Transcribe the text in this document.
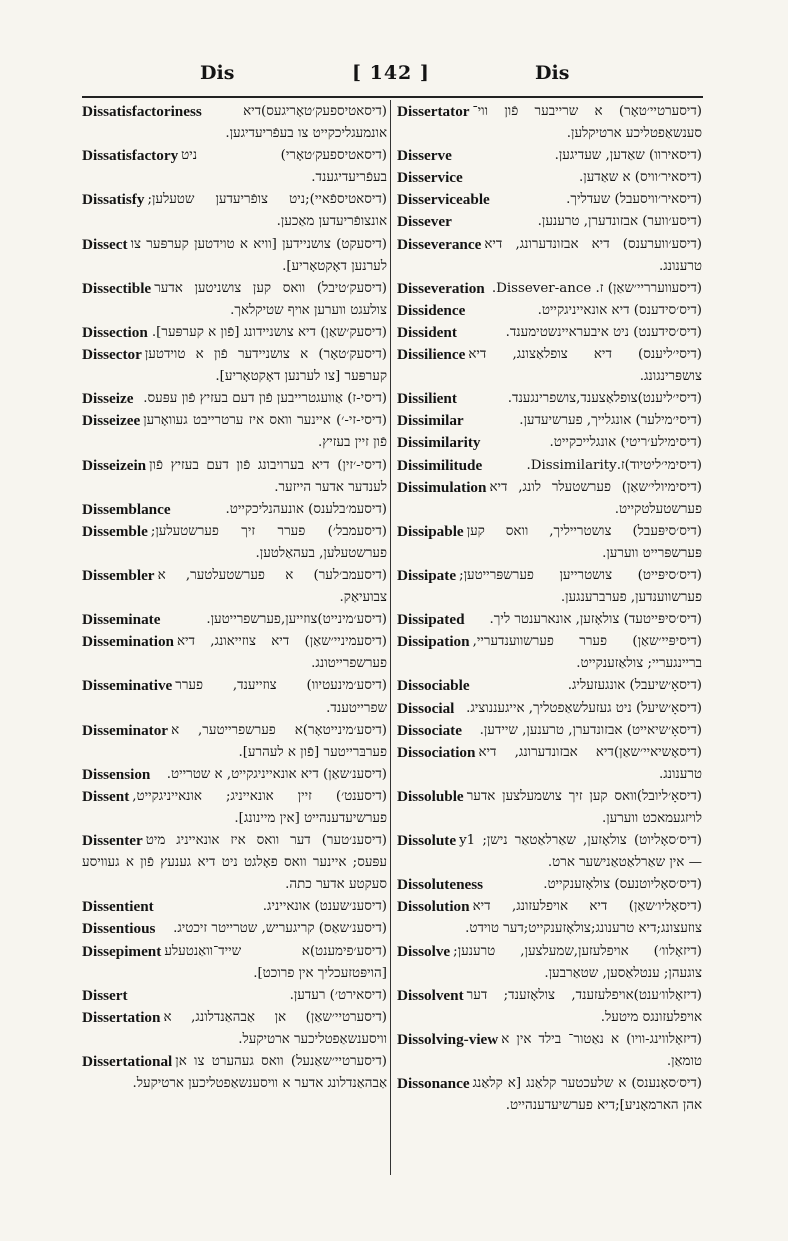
Dis	[ 142 ]	Dis

Dissatisfactoriness	(דיסאטיספעק׳טאָריגעס)דיא אונמעגליכקייט צו בעפֿריעדיגען.

Dissatisfactory (דיסאטיספעק׳טאָרי) ניט בעפֿריעדיגענד.

Dissatisfy (דיסאטיספֿאיי);ניט צופֿריעדען שטעלען; אונצופֿריעדען מאַכען.

Dissect (דיסעקט) צושניידען [וויא א טוידטען קערפּער צו לערנען דאָקטאָריע].

Dissectible (דיסעק׳טיבל) וואס קען צושניטען אדער צולעגט ווערען אויף שטיקלאך.

Dissection (דיסעק׳שאַן) דיא צושניידונג [פֿון א קערפּער].

Dissector (דיסעק׳טאָר) א צושניידער פֿון א טוידטען קערפּער [צו לערנען דאָקטאָריע].

Disseize (דיסי-ז) אַוועגטרייבען פֿון דעם בעזיץ פֿון עפּעס.

Disseizee (דיסי-זי-׳) איינער וואס איז ערטרייבט געוואָרען פֿון זיין בעזיץ.

Disseizein (דיסי-׳זין) דיא בערויבונג פֿון דעם בעזיץ פֿון לענדער אדער הייזער.

Dissemblance	(דיסעמ׳בלענס) אונעהנליכקייט.

Dissemble (דיסעמבל׳) פערר זיך פערשטעלען; פערשטעלען, בעהאַלטען.

Dissembler (דיסעמב׳לער) א פערשטעלטער, א צבועיאַק.

Disseminate	(דיסע׳מינייט)צוזייען,פערשפרייטען.

Dissemination (דיסעמיניי׳שאַן) דיא צוזייאונג, דיא פערשפרייטונג.

Disseminative (דיסע׳מינעטיוו) צוזייענד, פערר שפרייטענד.

Disseminator (דיסע׳מינייטאָר)א פערשפרייטער, א פערבּרייטער [פֿון א לעהרע].

Dissension (דיסענ׳שאַן) דיא אונאייניגקייט, א שטרייט.

Dissent (דיסענט׳) זיין אונאייניג; אונאייניגקייט, פערשיעדענהייט [אין מיינונג].

Dissenter (דיסענ׳טער) דער וואס איז אונאייניג מיט עפּעס; איינער וואס פאָלגט ניט דיא גענעץ פֿון א געוויסע סעקטע אדער כתה.

Dissentient	(דיסענ׳שענט) אונאייניג.

Dissentious (דיסענ׳שאַס) קריגעריש, שטרייטר זיכטיג.

Dissepiment (דיסע׳פימענט)א שייד־וואַנטעלע [הויפּטזעכליך אין פרוכט].

Dissert	(דיסאירט׳) רעדען.

Dissertation (דיסערטיי׳שאַן) אן אַבהאַנדלונג, א וויסענשאַפטליכער ארטיקעל.

Dissertational (דיסערטיי׳שאַנעל) וואס געהערט צו אן אַבהאַנדלונג אדער א וויסענשאַפטליכען ארטיקעל.

Dissertator (דיסערטיי׳טאָר) א שרייבער פֿון ווי־ סענשאַפטליכע ארטיקלען.

Disserve	(דיסאירוו) שאַדען, שעדיגען.

Disservice	(דיסאיר׳וויס) א שאַדען.

Disserviceable	(דיסאיר׳וויסעבל) שעדליך.

Dissever	(דיסע׳ווער) אבזונדערן, טרענען.

Disseverance (דיסע׳ווערענס) דיא אבזונדערונג, דיא טרענונג.

Disseveration (דיסעווערריי׳שאַן) ז. Dissever-ance.

Dissidence	(דיס׳סידענס) דיא אונאייניגקייט.

Dissident	(דיס׳סידענט) ניט איבעראיינשטימענד.

Dissilience (דיסי׳ליענס) דיא צופלאַצונג, דיא צושפּרינגונג.

Dissilient	(דיסי׳ליענט)צופלאַצענד,צושפרינגענד.

Dissimilar	(דיסי׳מילער) אונגלייך, פערשיעדען.

Dissimilarity	(דיסימילע׳ריטי) אונגלייכקייט.

Dissimilitude	(דיסימי׳ליטיוד)ז.Dissimilarity.

Dissimulation (דיסימיולי׳שאַן) פערשטעלר לונג, דיא פערשטעלטקייט.

Dissipable (דיס׳סיפּעבל) צושטרייליך, וואס קען פּערשפּרייט ווערען.

Dissipate (דיס׳סיפּייט) צושטרייען פערשפּרייטען; פערשווענדען, פערברענגען.

Dissipated (דיס׳סיפּייטעד) צולאָזען, אונארענטר ליך.

Dissipation (דיסיפּיי׳שאַן) פערר פערשווענדעריי, בריינגעריי; צולאַזענקייט.

Dissociable	(דיסאָ׳שיעבל) אונגעזעליג.

Dissocial (דיסאָ׳שיעל) ניט געזעלשאַפטליך, אייגעננוציג.

Dissociate (דיסאָ׳שיאייט) אבזונדערן, טרענען, שיידען.

Dissociation (דיסאָשיאיי׳שאַן)דיא אבזונדערונג, דיא טרענונג.

Dissoluble (דיסאָ׳ליובל)וואס קען זיך צושמעלצען אדער לויזגעמאכט ווערען.

Dissolute (דיס׳סאָליוט) צולאָזען, שאַרלאַטאַר נישן; y1— אין שאַרלאַטאַנישער ארט.

Dissoluteness	(דיס׳סאָליוטנעס) צולאָזענקייט.

Dissolution (דיסאָליו׳שאַן) דיא אויפלעזונג, דיא צוזעצונג;דיא טרענונג;צולאָזענקייט;דער טוידט.

Dissolve (דיזאָלוו׳) אויפלעזען,שמעלצען, טרענען; צוגעהן; ענטלאַסען, שטאַרבען.

Dissolvent (דיזאָלוו׳ענט)אויפלעזענד, צולאָזענד; דער אויפלעזונגס מיטעל.

Dissolving-view (דיזאָלווינג-וויו) א נאַטור־ בילד אין א טומאַן.

Dissonance (דיס׳סאָנענס) א שלעכטער קלאַנג [א קלאַנג אהן הארמאָניע];דיא פערשיעדענהייט.
